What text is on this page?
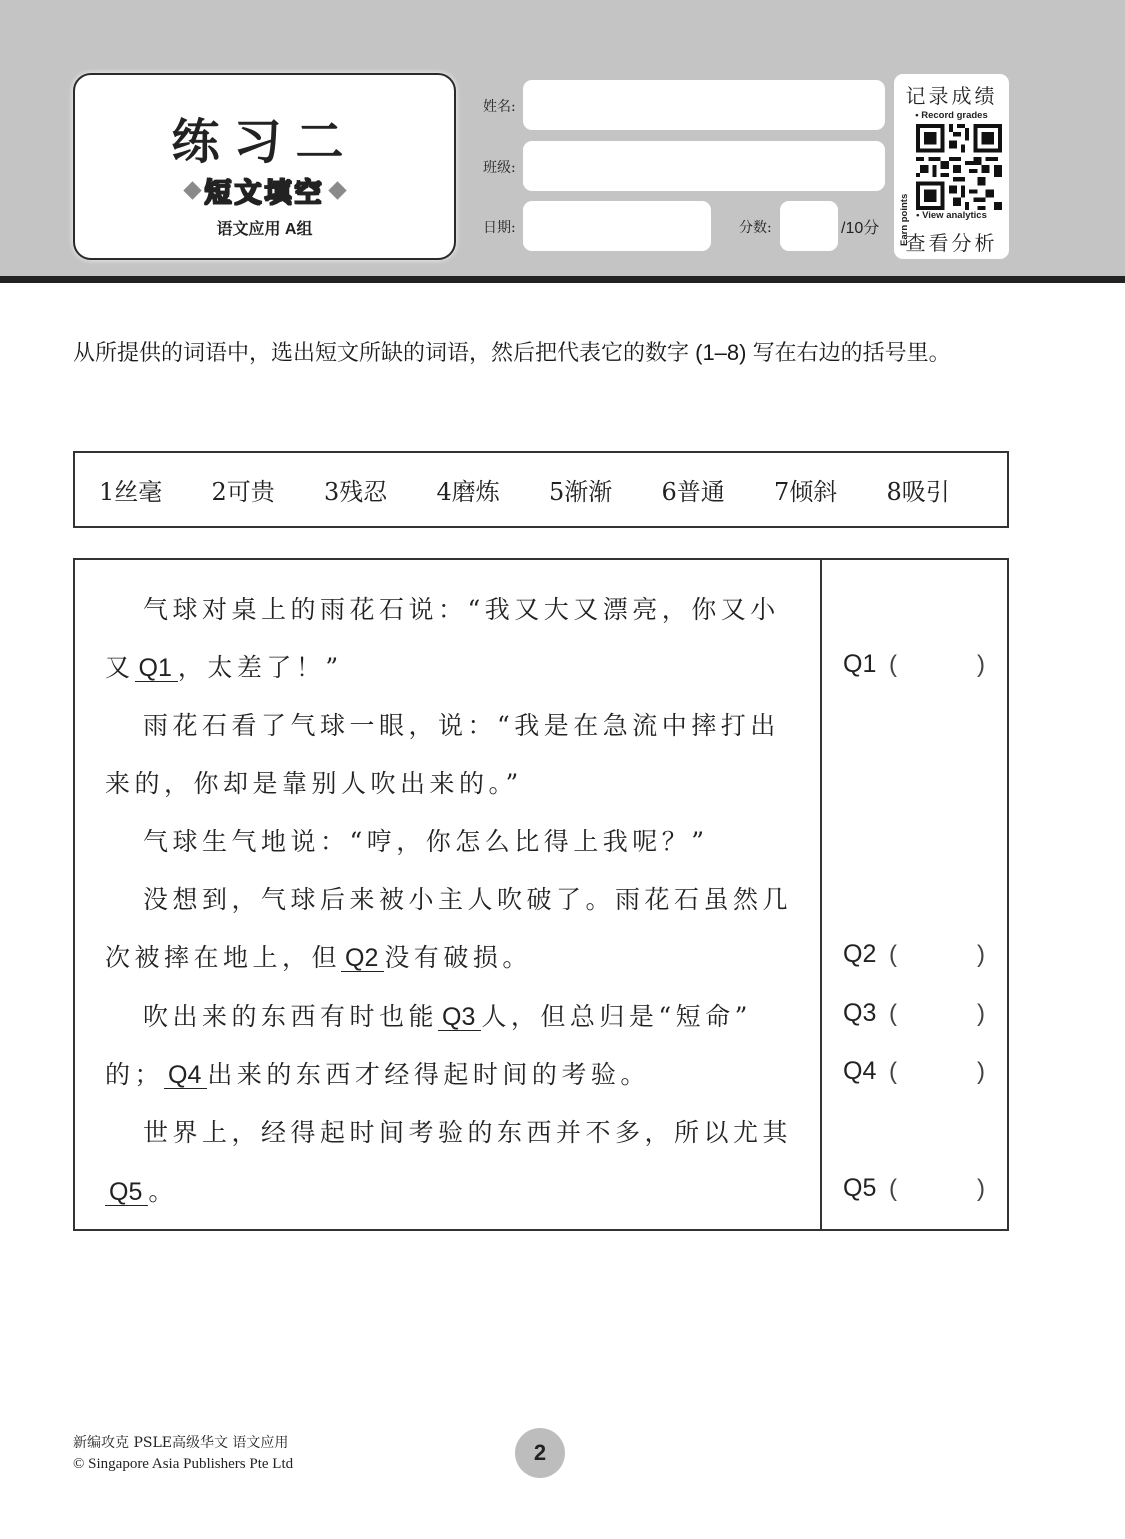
练习二
短文填空
语文应用 A组
姓名:
班级:
日期:	分数:	/10分
记录成绩
• Record grades
Earn points • View analytics
查看分析

从所提供的词语中，选出短文所缺的词语，然后把代表它的数字 (1–8) 写在右边的括号里。

1丝毫	2可贵	3残忍	4磨炼	5渐渐	6普通	7倾斜	8吸引
气球对桌上的雨花石说：“我又大又漂亮，你又小
又 Q1 ，太差了！”
雨花石看了气球一眼，说：“我是在急流中摔打出
来的，你却是靠别人吹出来的。”
气球生气地说：“哼，你怎么比得上我呢？”
没想到，气球后来被小主人吹破了。雨花石虽然几
次被摔在地上，但 Q2 没有破损。
吹出来的东西有时也能 Q3 人，但总归是“短命”
的； Q4 出来的东西才经得起时间的考验。
世界上，经得起时间考验的东西并不多，所以尤其
Q5 。
Q1 (	)
Q2 (	)
Q3 (	)
Q4 (	)
Q5 (	)
新编攻克 PSLE高级华文 语文应用
© Singapore Asia Publishers Pte Ltd	2
